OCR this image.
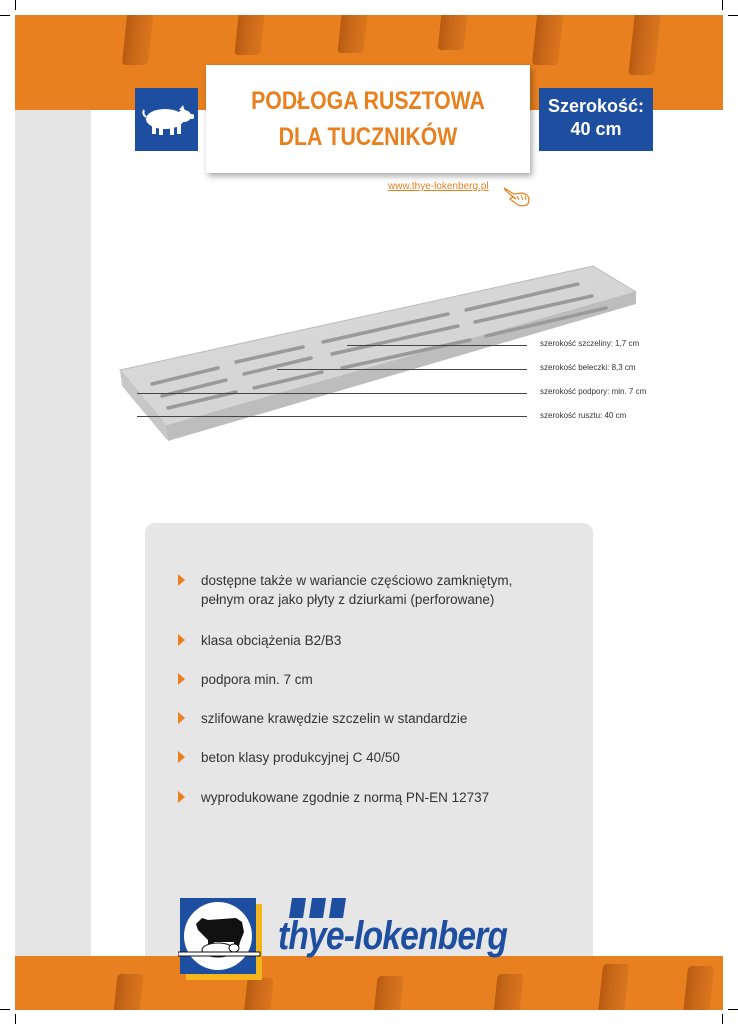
PODŁOGA RUSZTOWA
DLA TUCZNIKÓW
Szerokość:
40 cm
www.thye-lokenberg.pl
szerokość szczeliny: 1,7 cm
szerokość beleczki: 8,3 cm
szerokość podpory: min. 7 cm
szerokość rusztu: 40 cm
dostępne także w wariancie częściowo zamkniętym,
pełnym oraz jako płyty z dziurkami (perforowane)
klasa obciążenia B2/B3
podpora min. 7 cm
szlifowane krawędzie szczelin w standardzie
beton klasy produkcyjnej C 40/50
wyprodukowane zgodnie z normą PN-EN 12737
thye-lokenberg
